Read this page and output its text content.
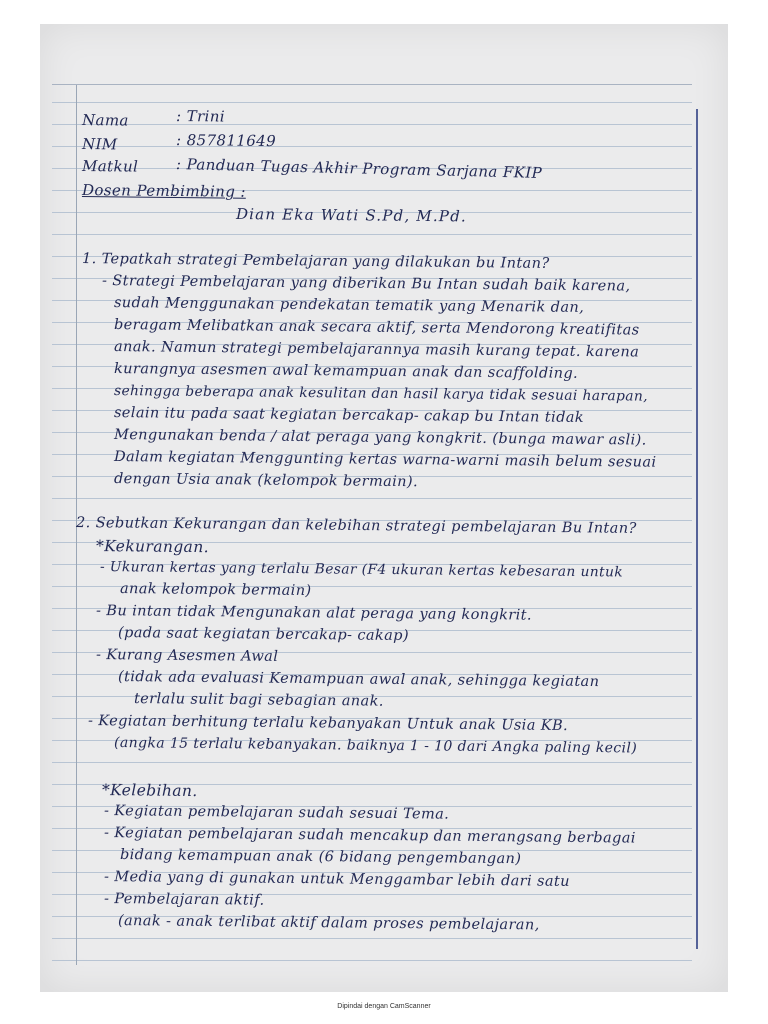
Nama	: Trini
NIM	: 857811649
Matkul : Panduan Tugas Akhir Program Sarjana FKIP
Dosen Pembimbing :
Dian Eka Wati S.Pd, M.Pd.
1. Tepatkah strategi Pembelajaran yang dilakukan bu Intan?
- Strategi Pembelajaran yang diberikan Bu Intan sudah baik karena,
sudah Menggunakan pendekatan tematik yang Menarik dan,
beragam Melibatkan anak secara aktif, serta Mendorong kreatifitas
anak. Namun strategi pembelajarannya masih kurang tepat. karena
kurangnya asesmen awal kemampuan anak dan scaffolding.
sehingga beberapa anak kesulitan dan hasil karya tidak sesuai harapan,
selain itu pada saat kegiatan bercakap- cakap bu Intan tidak
Mengunakan benda / alat peraga yang kongkrit. (bunga mawar asli).
Dalam kegiatan Menggunting kertas warna-warni masih belum sesuai
dengan Usia anak (kelompok bermain).
2. Sebutkan Kekurangan dan kelebihan strategi pembelajaran Bu Intan?
*Kekurangan.
- Ukuran kertas yang terlalu Besar (F4 ukuran kertas kebesaran untuk
anak kelompok bermain)
- Bu intan tidak Mengunakan alat peraga yang kongkrit.
(pada saat kegiatan bercakap- cakap)
- Kurang Asesmen Awal
(tidak ada evaluasi Kemampuan awal anak, sehingga kegiatan
terlalu sulit bagi sebagian anak.
- Kegiatan berhitung terlalu kebanyakan Untuk anak Usia KB.
(angka 15 terlalu kebanyakan. baiknya 1 - 10 dari Angka paling kecil)
*Kelebihan.
- Kegiatan pembelajaran sudah sesuai Tema.
- Kegiatan pembelajaran sudah mencakup dan merangsang berbagai
bidang kemampuan anak (6 bidang pengembangan)
- Media yang di gunakan untuk Menggambar lebih dari satu
- Pembelajaran aktif.
(anak - anak terlibat aktif dalam proses pembelajaran,
Dipindai dengan CamScanner
